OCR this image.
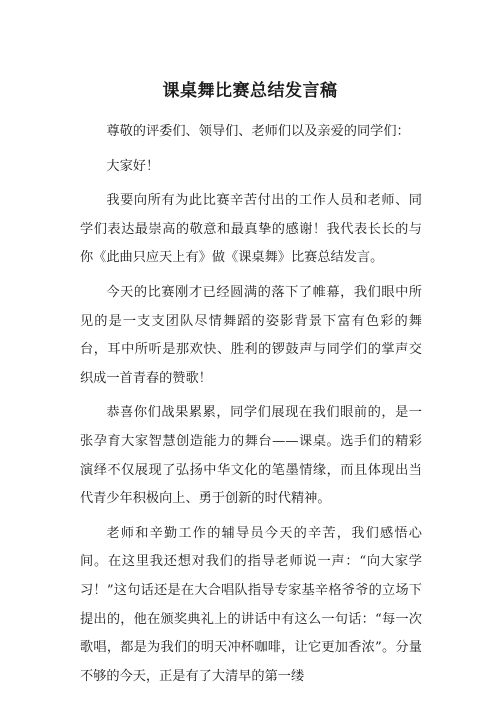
课桌舞比赛总结发言稿

尊敬的评委们、领导们、老师们以及亲爱的同学们：

大家好！

我要向所有为此比赛辛苦付出的工作人员和老师、同学们表达最崇高的敬意和最真挚的感谢！我代表长长的与你《此曲只应天上有》做《课桌舞》比赛总结发言。

今天的比赛刚才已经圆满的落下了帷幕，我们眼中所见的是一支支团队尽情舞蹈的姿影背景下富有色彩的舞台，耳中所听是那欢快、胜利的锣鼓声与同学们的掌声交织成一首青春的赞歌！

恭喜你们战果累累，同学们展现在我们眼前的，是一张孕育大家智慧创造能力的舞台——课桌。选手们的精彩演绎不仅展现了弘扬中华文化的笔墨情缘，而且体现出当代青少年积极向上、勇于创新的时代精神。

老师和辛勤工作的辅导员今天的辛苦，我们感悟心间。在这里我还想对我们的指导老师说一声：“向大家学习！”这句话还是在大合唱队指导专家基辛格爷爷的立场下提出的，他在颁奖典礼上的讲话中有这么一句话：“每一次歌唱，都是为我们的明天冲杯咖啡，让它更加香浓”。分量不够的今天，正是有了大清早的第一缕
